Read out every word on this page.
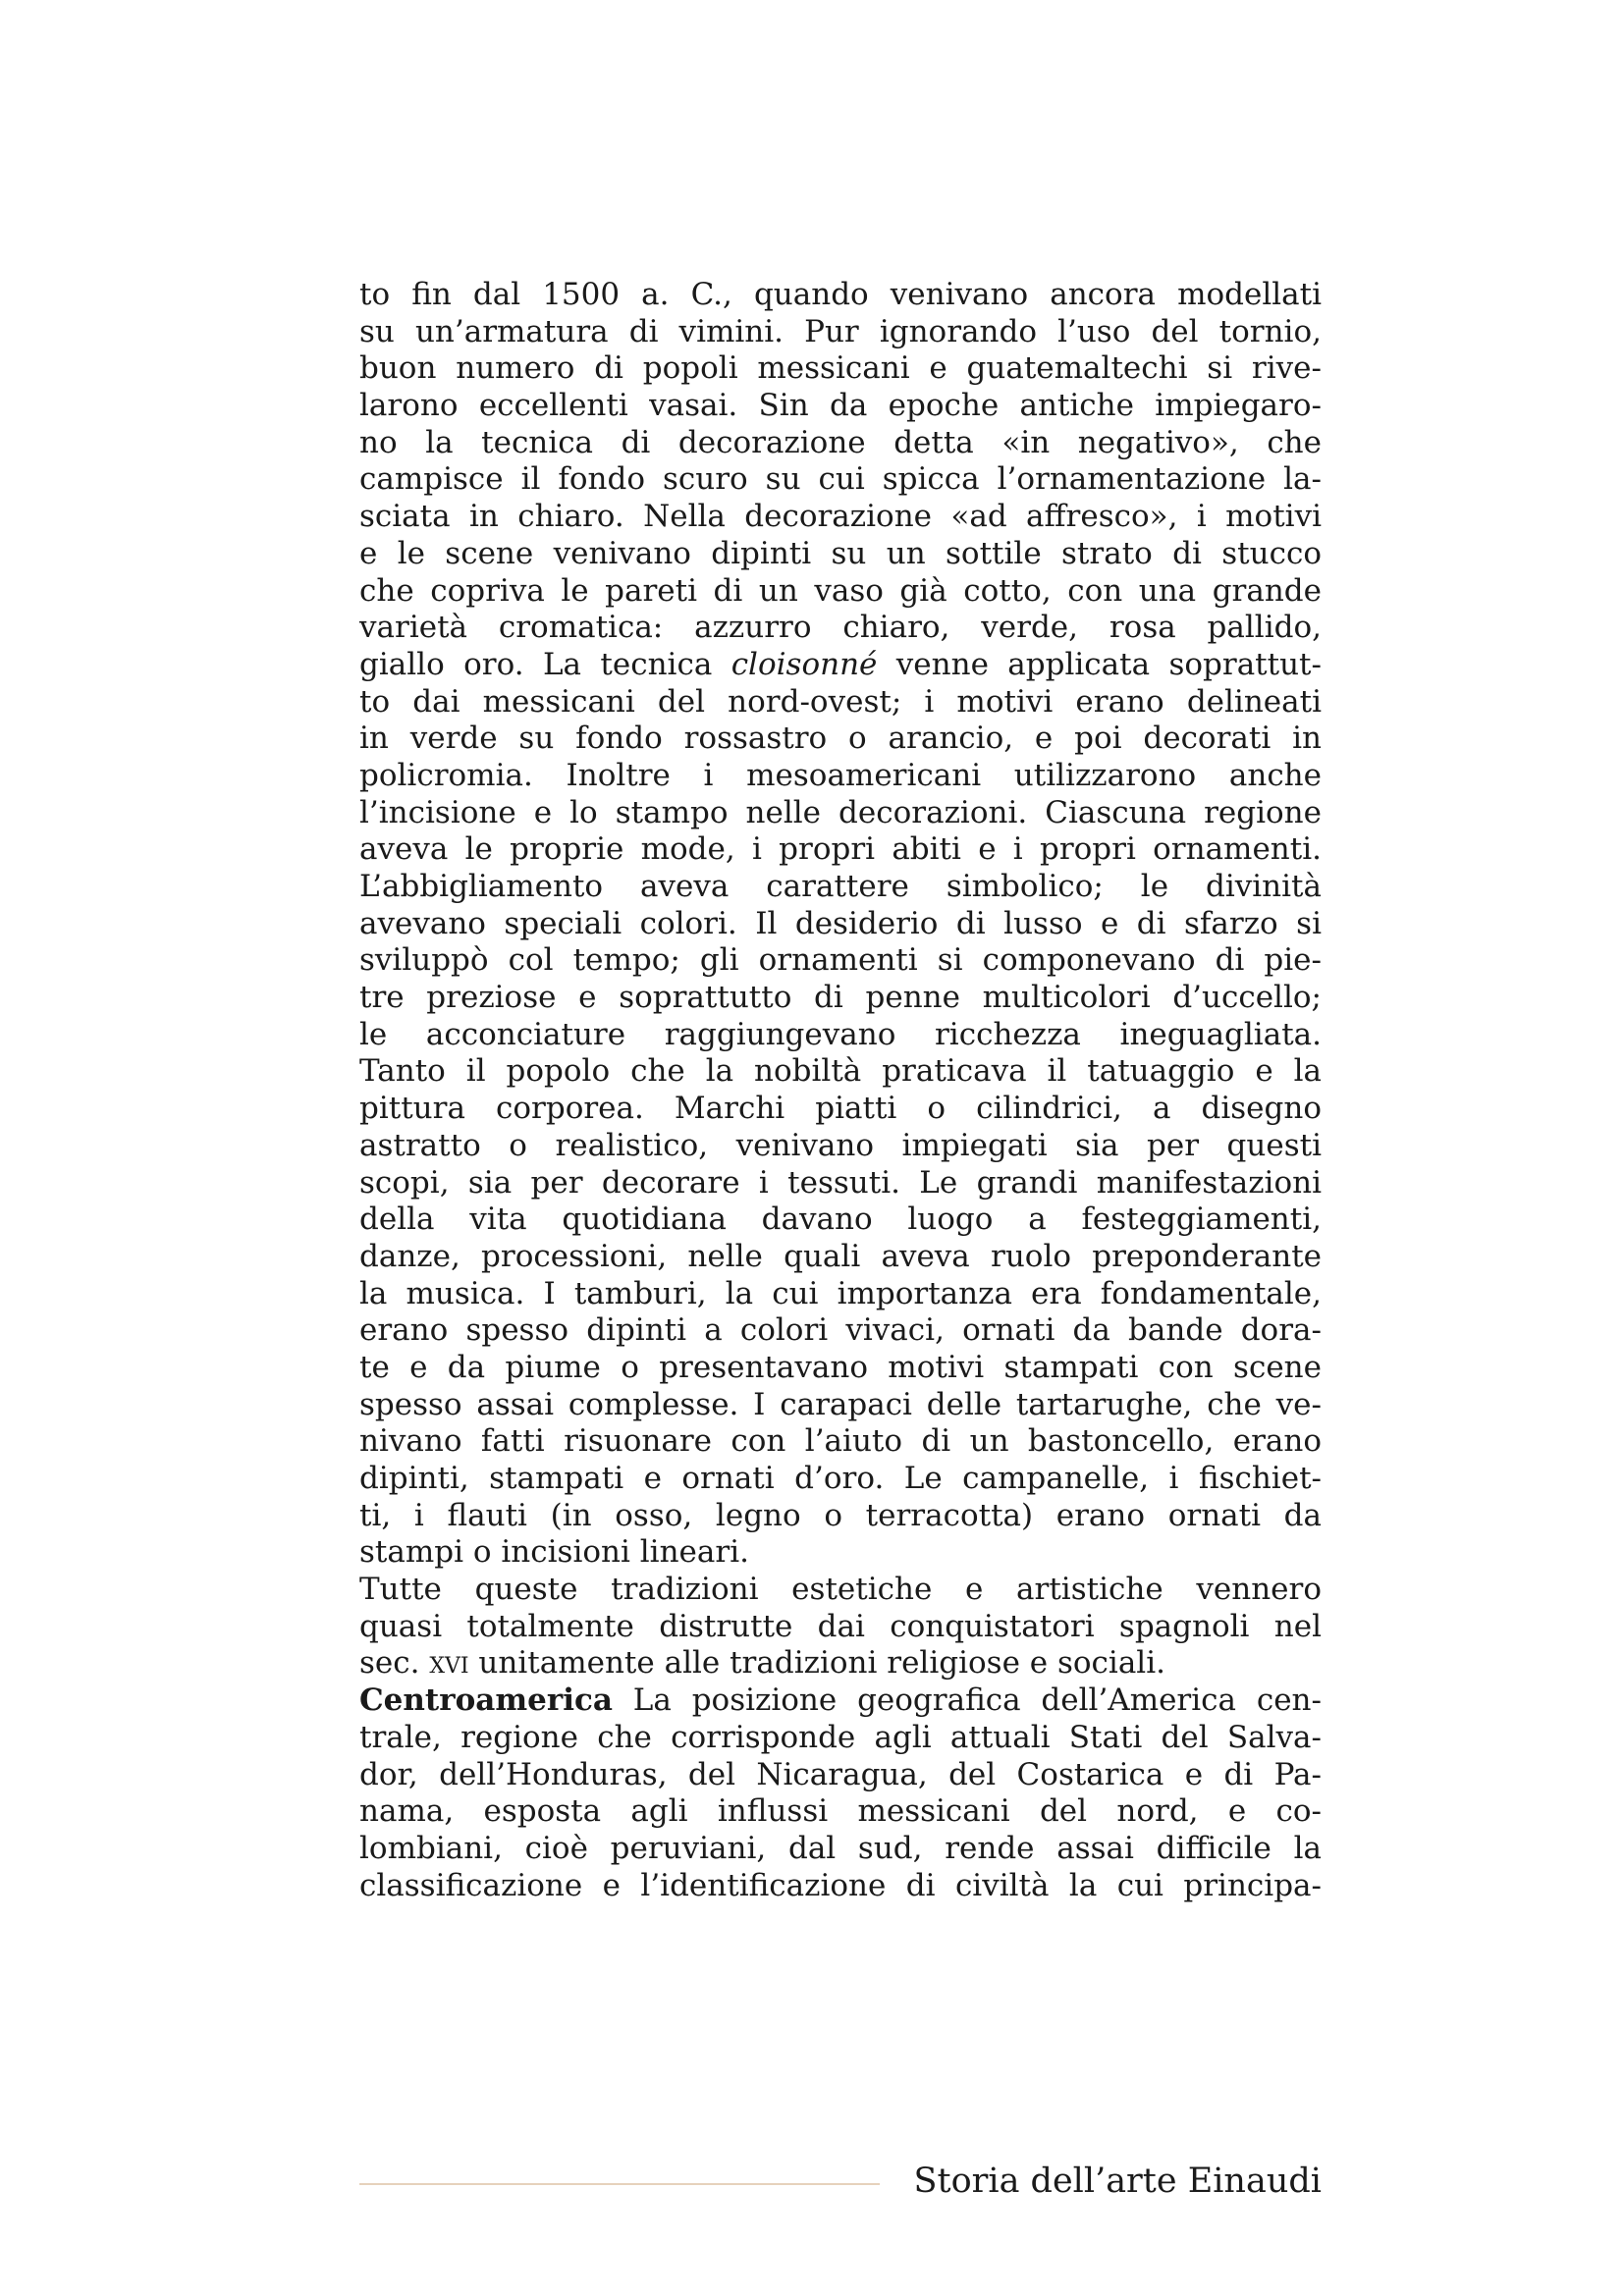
to fin dal 1500 a. C., quando venivano ancora modellati
su un’armatura di vimini. Pur ignorando l’uso del tornio,
buon numero di popoli messicani e guatemaltechi si rive-
larono eccellenti vasai. Sin da epoche antiche impiegaro-
no la tecnica di decorazione detta «in negativo», che
campisce il fondo scuro su cui spicca l’ornamentazione la-
sciata in chiaro. Nella decorazione «ad affresco», i motivi
e le scene venivano dipinti su un sottile strato di stucco
che copriva le pareti di un vaso già cotto, con una grande
varietà cromatica: azzurro chiaro, verde, rosa pallido,
giallo oro. La tecnica cloisonné venne applicata soprattut-
to dai messicani del nord-ovest; i motivi erano delineati
in verde su fondo rossastro o arancio, e poi decorati in
policromia. Inoltre i mesoamericani utilizzarono anche
l’incisione e lo stampo nelle decorazioni. Ciascuna regione
aveva le proprie mode, i propri abiti e i propri ornamenti.
L’abbigliamento aveva carattere simbolico; le divinità
avevano speciali colori. Il desiderio di lusso e di sfarzo si
sviluppò col tempo; gli ornamenti si componevano di pie-
tre preziose e soprattutto di penne multicolori d’uccello;
le acconciature raggiungevano ricchezza ineguagliata.
Tanto il popolo che la nobiltà praticava il tatuaggio e la
pittura corporea. Marchi piatti o cilindrici, a disegno
astratto o realistico, venivano impiegati sia per questi
scopi, sia per decorare i tessuti. Le grandi manifestazioni
della vita quotidiana davano luogo a festeggiamenti,
danze, processioni, nelle quali aveva ruolo preponderante
la musica. I tamburi, la cui importanza era fondamentale,
erano spesso dipinti a colori vivaci, ornati da bande dora-
te e da piume o presentavano motivi stampati con scene
spesso assai complesse. I carapaci delle tartarughe, che ve-
nivano fatti risuonare con l’aiuto di un bastoncello, erano
dipinti, stampati e ornati d’oro. Le campanelle, i fischiet-
ti, i flauti (in osso, legno o terracotta) erano ornati da
stampi o incisioni lineari.
Tutte queste tradizioni estetiche e artistiche vennero
quasi totalmente distrutte dai conquistatori spagnoli nel
sec. xvi unitamente alle tradizioni religiose e sociali.
Centroamerica La posizione geografica dell’America cen-
trale, regione che corrisponde agli attuali Stati del Salva-
dor, dell’Honduras, del Nicaragua, del Costarica e di Pa-
nama, esposta agli influssi messicani del nord, e co-
lombiani, cioè peruviani, dal sud, rende assai difficile la
classificazione e l’identificazione di civiltà la cui principa-
Storia dell’arte Einaudi
